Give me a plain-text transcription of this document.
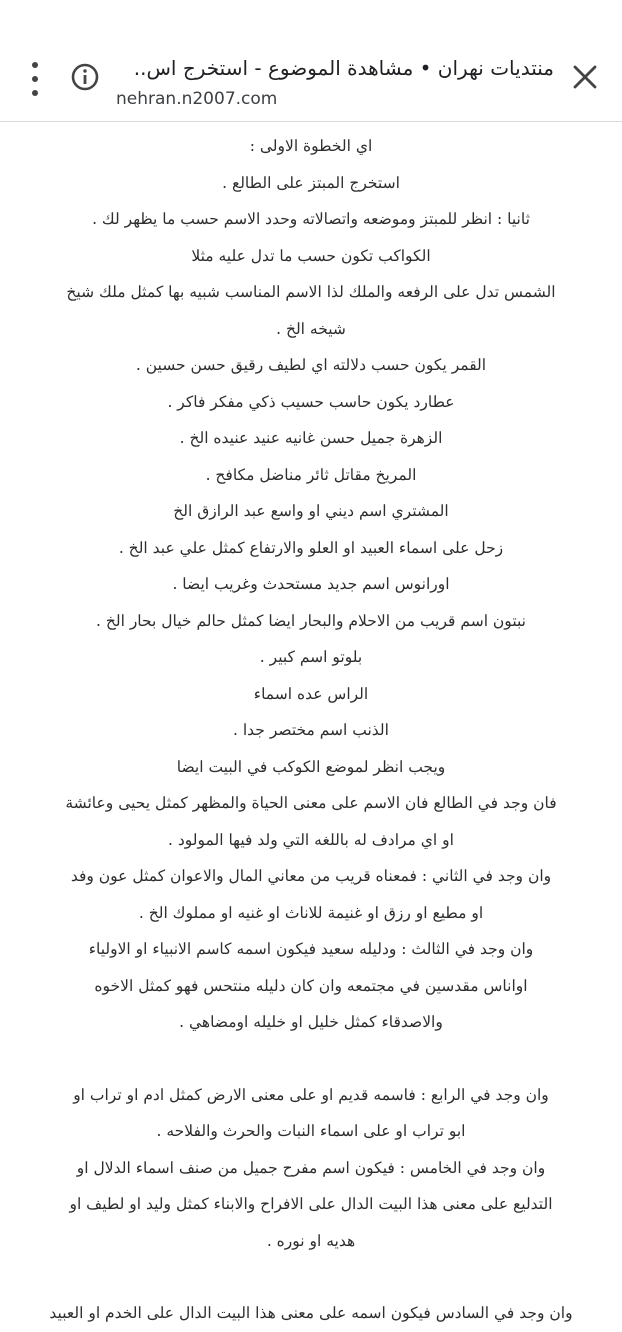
منتديات نهران • مشاهدة الموضوع - استخرج اس..
nehran.n2007.com

اي الخطوة الاولى :

استخرج المبتز على الطالع .

ثانيا : انظر للمبتز وموضعه واتصالاته وحدد الاسم حسب ما يظهر لك .

الكواكب تكون حسب ما تدل عليه مثلا

الشمس تدل على الرفعه والملك لذا الاسم المناسب شبيه بها كمثل ملك شيخ

شيخه الخ .

القمر يكون حسب دلالته اي لطيف رقيق حسن حسين .

عطارد يكون حاسب حسيب ذكي مفكر فاكر .

الزهرة جميل حسن غانيه عنيد عنيده الخ .

المريخ مقاتل ثائر مناضل مكافح .

المشتري اسم ديني او واسع عبد الرازق الخ

زحل على اسماء العبيد او العلو والارتفاع كمثل علي عبد الخ .

اورانوس اسم جديد مستحدث وغريب ايضا .

نبتون اسم قريب من الاحلام والبحار ايضا كمثل حالم خيال بحار الخ .

بلوتو اسم كبير .

الراس عده اسماء

الذنب اسم مختصر جدا .

ويجب انظر لموضع الكوكب في البيت ايضا

فان وجد في الطالع فان الاسم على معنى الحياة والمظهر كمثل يحيى وعائشة

او اي مرادف له باللغه التي ولد فيها المولود .

وان وجد في الثاني : فمعناه قريب من معاني المال والاعوان كمثل عون وفد

او مطيع او رزق او غنيمة للاناث او غنيه او مملوك الخ .

وان وجد في الثالث : ودليله سعيد فيكون اسمه كاسم الانبياء او الاولياء

اواناس مقدسين في مجتمعه وان كان دليله منتحس فهو كمثل الاخوه

والاصدقاء كمثل خليل او خليله اومضاهي .

وان وجد في الرابع : فاسمه قديم او على معنى الارض كمثل ادم او تراب او

ابو تراب او على اسماء النبات والحرث والفلاحه .

وان وجد في الخامس : فيكون اسم مفرح جميل من صنف اسماء الدلال او

التدليع على معنى هذا البيت الدال على الافراح والابناء كمثل وليد او لطيف او

هديه او نوره .

وان وجد في السادس فيكون اسمه على معنى هذا البيت الدال على الخدم او العبيد
